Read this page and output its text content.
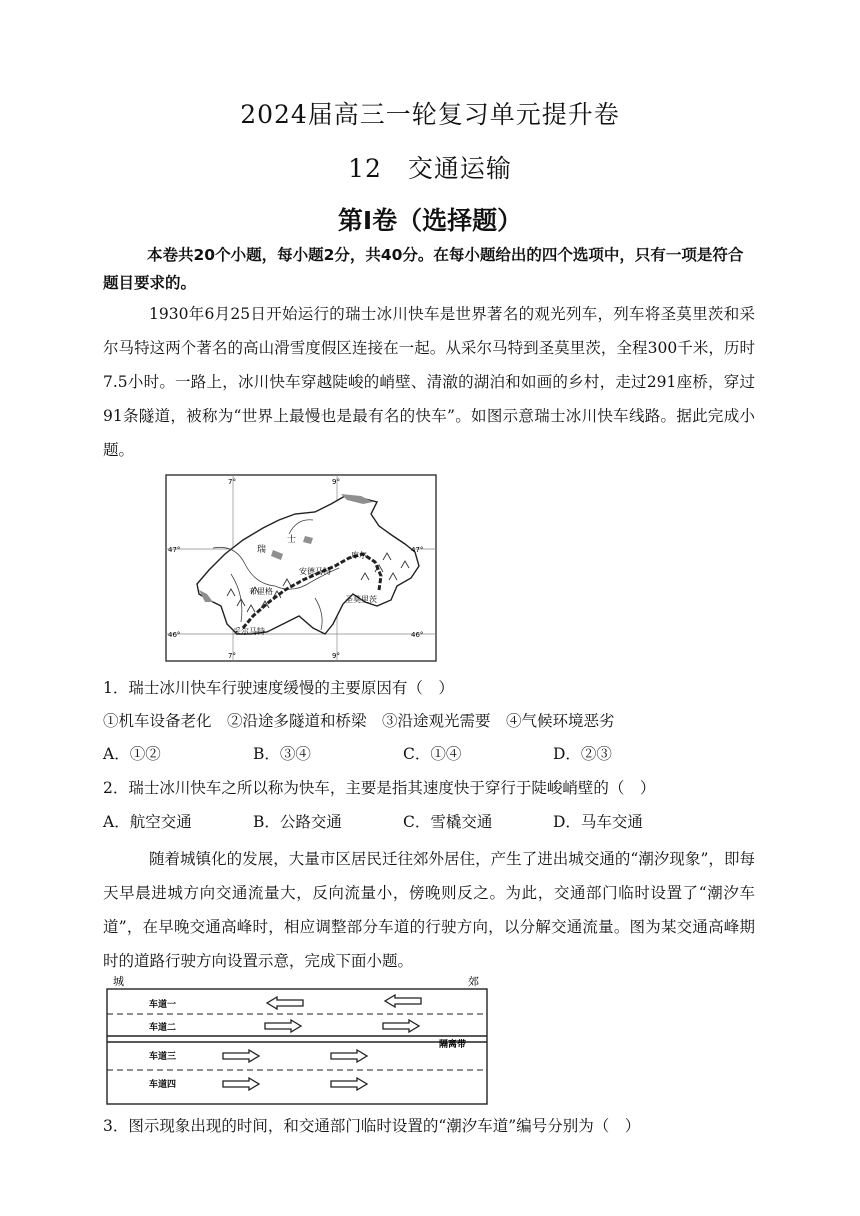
2024届高三一轮复习单元提升卷
12　交通运输
第Ⅰ卷（选择题）
本卷共20个小题，每小题2分，共40分。在每小题给出的四个选项中，只有一项是符合题目要求的。
1930年6月25日开始运行的瑞士冰川快车是世界著名的观光列车，列车将圣莫里茨和采尔马特这两个著名的高山滑雪度假区连接在一起。从采尔马特到圣莫里茨，全程300千米，历时7.5小时。一路上，冰川快车穿越陡峻的峭壁、清澈的湖泊和如画的乡村，走过291座桥，穿过91条隧道，被称为“世界上最慢也是最有名的快车”。如图示意瑞士冰川快车线路。据此完成小题。
7°	9°
7°	9°
47°	47°
46°	46°
瑞
士
库尔
安德马特
布里格
圣莫里茨
采尔马特
1．瑞士冰川快车行驶速度缓慢的主要原因有（　）
①机车设备老化　②沿途多隧道和桥梁　③沿途观光需要　④气候环境恶劣
A．①②	B．③④	C．①④	D．②③
2．瑞士冰川快车之所以称为快车，主要是指其速度快于穿行于陡峻峭壁的（　）
A．航空交通	B．公路交通	C．雪橇交通	D．马车交通
随着城镇化的发展，大量市区居民迁往郊外居住，产生了进出城交通的“潮汐现象”，即每天早晨进城方向交通流量大，反向流量小，傍晚则反之。为此，交通部门临时设置了“潮汐车道”，在早晚交通高峰时，相应调整部分车道的行驶方向，以分解交通流量。图为某交通高峰期时的道路行驶方向设置示意，完成下面小题。
城	郊
隔离带
车道一
车道二
车道三
车道四
3．图示现象出现的时间，和交通部门临时设置的“潮汐车道”编号分别为（　）
